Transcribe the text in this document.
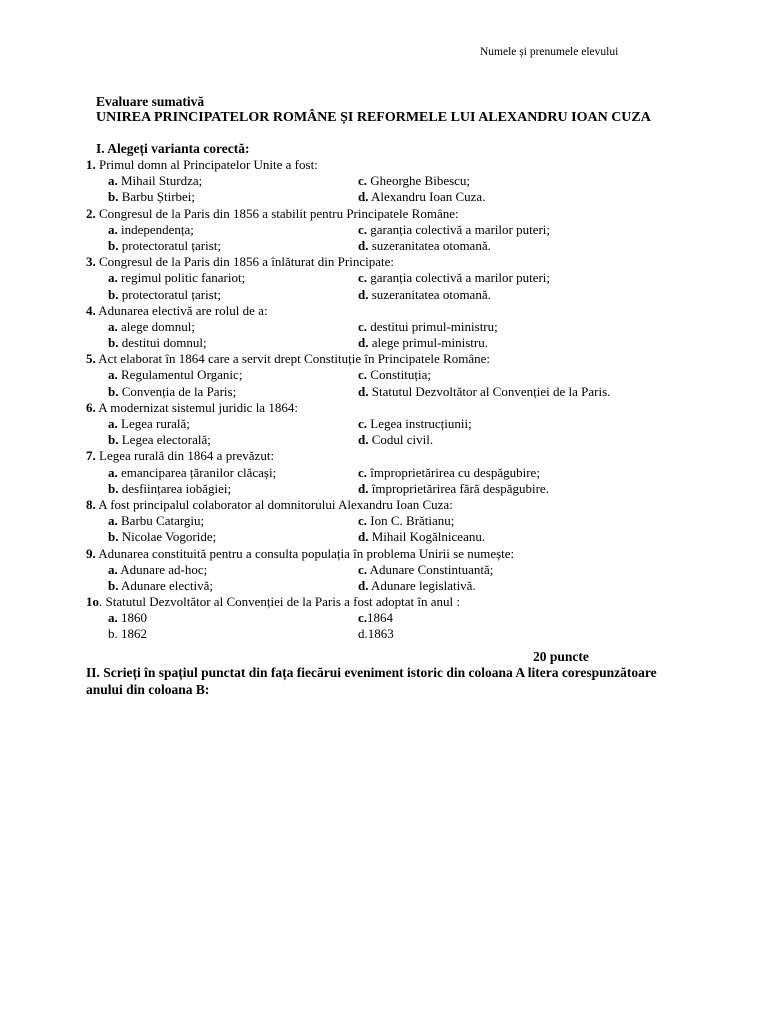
Numele și prenumele elevului
Evaluare sumativă
UNIREA PRINCIPATELOR ROMÂNE ȘI REFORMELE LUI ALEXANDRU IOAN CUZA
I. Alegeți varianta corectă:
1. Primul domn al Principatelor Unite a fost:
a. Mihail Sturdza;	c. Gheorghe Bibescu;
b. Barbu Știrbei;	d. Alexandru Ioan Cuza.
2. Congresul de la Paris din 1856 a stabilit pentru Principatele Române:
a. independența;	c. garanția colectivă a marilor puteri;
b. protectoratul țarist;	d. suzeranitatea otomană.
3. Congresul de la Paris din 1856 a înlăturat din Principate:
a. regimul politic fanariot;	c. garanția colectivă a marilor puteri;
b. protectoratul țarist;	d. suzeranitatea otomană.
4. Adunarea electivă are rolul de a:
a. alege domnul;	c. destitui primul-ministru;
b. destitui domnul;	d. alege primul-ministru.
5. Act elaborat în 1864 care a servit drept Constituție în Principatele Române:
a. Regulamentul Organic;	c. Constituția;
b. Convenția de la Paris;	d. Statutul Dezvoltător al Convenției de la Paris.
6. A modernizat sistemul juridic la 1864:
a. Legea rurală;	c. Legea instrucțiunii;
b. Legea electorală;	d. Codul civil.
7. Legea rurală din 1864 a prevăzut:
a. emanciparea țăranilor clăcași;	c. împroprietărirea cu despăgubire;
b. desființarea iobăgiei;	d. împroprietărirea fără despăgubire.
8. A fost principalul colaborator al domnitorului Alexandru Ioan Cuza:
a. Barbu Catargiu;	c. Ion C. Brătianu;
b. Nicolae Vogoride;	d. Mihail Kogălniceanu.
9. Adunarea constituită pentru a consulta populația în problema Unirii se numește:
a. Adunare ad-hoc;	c. Adunare Constintuantă;
b. Adunare electivă;	d. Adunare legislativă.
1o. Statutul Dezvoltător al Convenției de la Paris a fost adoptat în anul :
a. 1860	c.1864
b. 1862	d.1863
20 puncte
II. Scrieți în spațiul punctat din fața fiecărui eveniment istoric din coloana A litera corespunzătoare anului din coloana B:
